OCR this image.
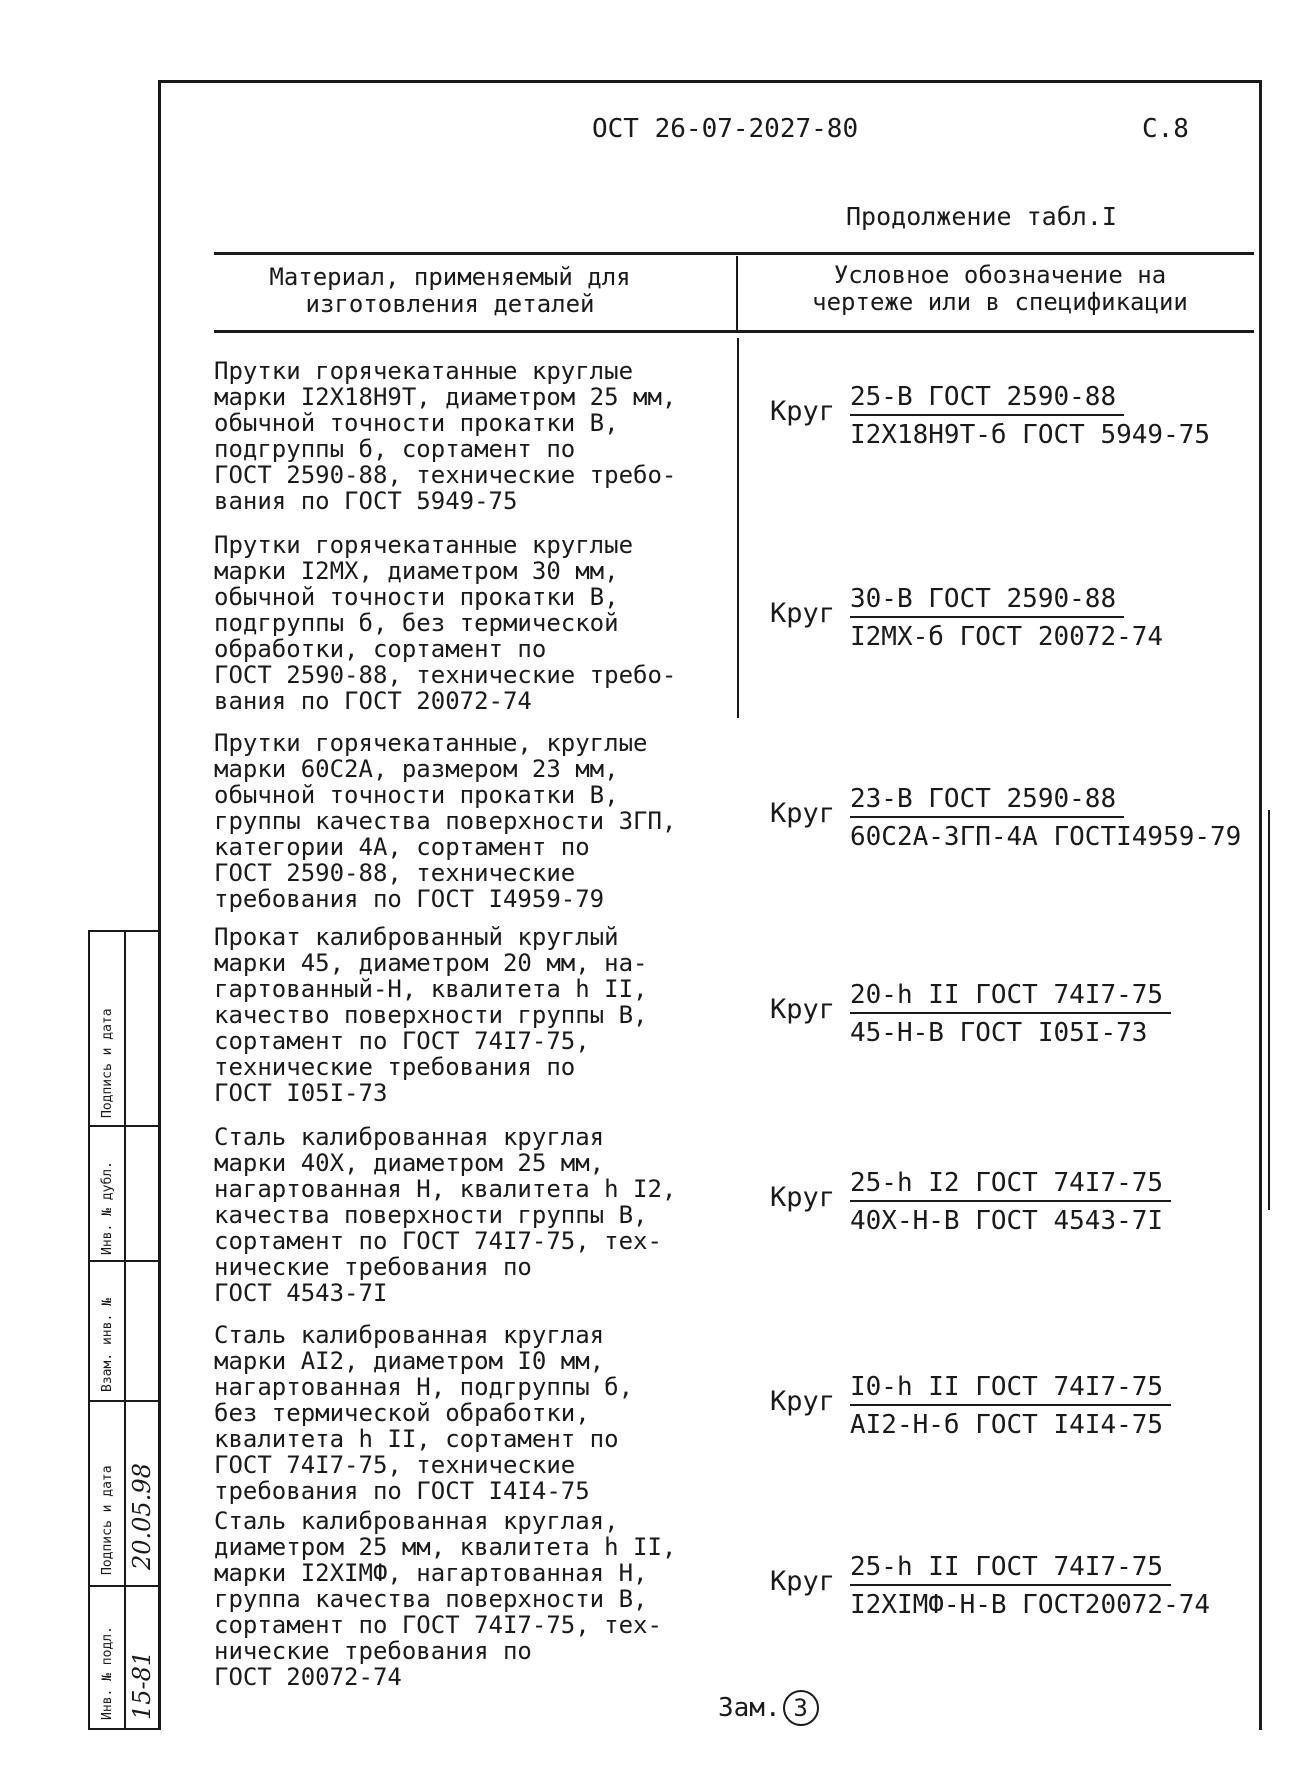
ОСТ 26-07-2027-80	С.8
Продолжение табл.I
Материал, применяемый для
изготовления деталей
Условное обозначение на
чертеже или в спецификации
Прутки горячекатанные круглые
марки I2Х18Н9Т, диаметром 25 мм,
обычной точности прокатки В,
подгруппы б, сортамент по
ГОСТ 2590-88, технические требо-
вания по ГОСТ 5949-75
Круг 25-В ГОСТ 2590-88
I2Х18Н9Т-б ГОСТ 5949-75
Прутки горячекатанные круглые
марки I2МХ, диаметром 30 мм,
обычной точности прокатки В,
подгруппы б, без термической
обработки, сортамент по
ГОСТ 2590-88, технические требо-
вания по ГОСТ 20072-74
Круг 30-В ГОСТ 2590-88
I2МХ-б ГОСТ 20072-74
Прутки горячекатанные, круглые
марки 60С2А, размером 23 мм,
обычной точности прокатки В,
группы качества поверхности 3ГП,
категории 4А, сортамент по
ГОСТ 2590-88, технические
требования по ГОСТ I4959-79
Круг 23-В ГОСТ 2590-88
60С2А-3ГП-4А ГОСТI4959-79
Прокат калиброванный круглый
марки 45, диаметром 20 мм, на-
гартованный-Н, квалитета h II,
качество поверхности группы В,
сортамент по ГОСТ 74I7-75,
технические требования по
ГОСТ I05I-73
Круг 20-h II ГОСТ 74I7-75
45-Н-В ГОСТ I05I-73
Сталь калиброванная круглая
марки 40Х, диаметром 25 мм,
нагартованная Н, квалитета h I2,
качества поверхности группы В,
сортамент по ГОСТ 74I7-75, тех-
нические требования по
ГОСТ 4543-7I
Круг 25-h I2 ГОСТ 74I7-75
40Х-Н-В ГОСТ 4543-7I
Сталь калиброванная круглая
марки АI2, диаметром I0 мм,
нагартованная Н, подгруппы б,
без термической обработки,
квалитета h II, сортамент по
ГОСТ 74I7-75, технические
требования по ГОСТ I4I4-75
Круг I0-h II ГОСТ 74I7-75
АI2-Н-б ГОСТ I4I4-75
Сталь калиброванная круглая,
диаметром 25 мм, квалитета h II,
марки I2ХIМФ, нагартованная Н,
группа качества поверхности В,
сортамент по ГОСТ 74I7-75, тех-
нические требования по
ГОСТ 20072-74
Круг 25-h II ГОСТ 74I7-75
I2ХIМФ-Н-В ГОСТ20072-74
Зам. 3
Инв. № подл.
Подпись и дата
Взам. инв. №
Инв. № дубл.
Подпись и дата
15-81
20.05.98
